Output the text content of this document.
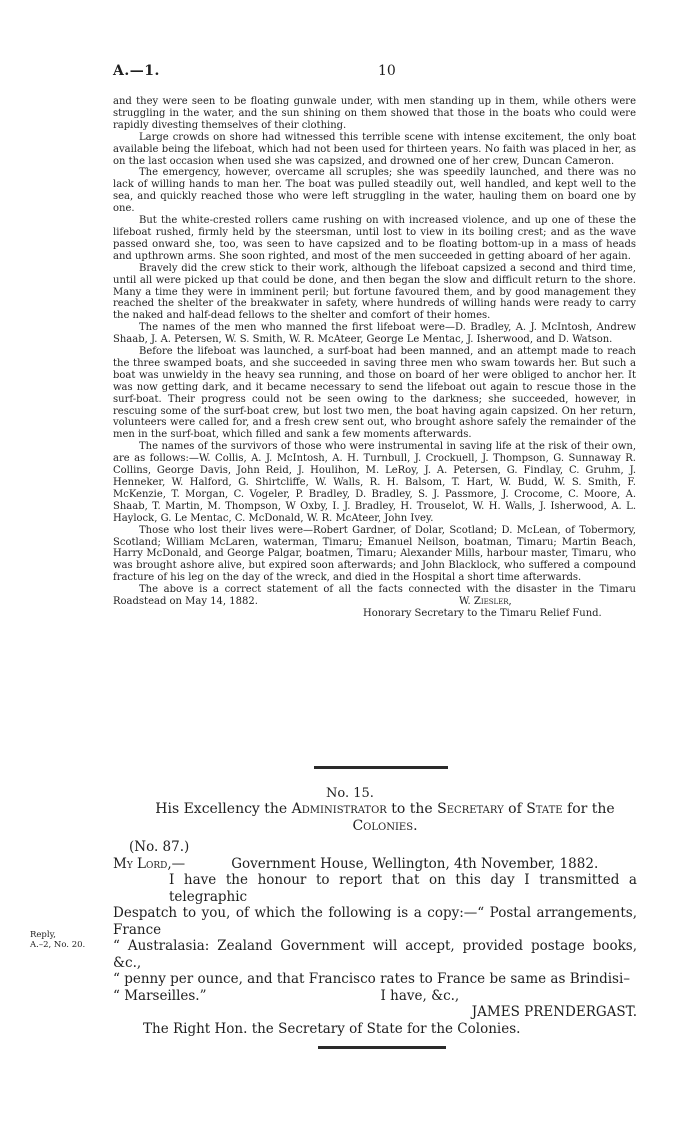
A.—1.	10

and they were seen to be floating gunwale under, with men standing up in them, while others were struggling in the water, and the sun shining on them showed that those in the boats who could were rapidly divesting themselves of their clothing.

Large crowds on shore had witnessed this terrible scene with intense excitement, the only boat available being the lifeboat, which had not been used for thirteen years. No faith was placed in her, as on the last occasion when used she was capsized, and drowned one of her crew, Duncan Cameron.

The emergency, however, overcame all scruples; she was speedily launched, and there was no lack of willing hands to man her. The boat was pulled steadily out, well handled, and kept well to the sea, and quickly reached those who were left struggling in the water, hauling them on board one by one.

But the white-crested rollers came rushing on with increased violence, and up one of these the lifeboat rushed, firmly held by the steersman, until lost to view in its boiling crest; and as the wave passed onward she, too, was seen to have capsized and to be floating bottom-up in a mass of heads and upthrown arms. She soon righted, and most of the men succeeded in getting aboard of her again.

Bravely did the crew stick to their work, although the lifeboat capsized a second and third time, until all were picked up that could be done, and then began the slow and difficult return to the shore. Many a time they were in imminent peril; but fortune favoured them, and by good management they reached the shelter of the breakwater in safety, where hundreds of willing hands were ready to carry the naked and half-dead fellows to the shelter and comfort of their homes.

The names of the men who manned the first lifeboat were—D. Bradley, A. J. McIntosh, Andrew Shaab, J. A. Petersen, W. S. Smith, W. R. McAteer, George Le Mentac, J. Isherwood, and D. Watson.

Before the lifeboat was launched, a surf-boat had been manned, and an attempt made to reach the three swamped boats, and she succeeded in saving three men who swam towards her. But such a boat was unwieldy in the heavy sea running, and those on board of her were obliged to anchor her. It was now getting dark, and it became necessary to send the lifeboat out again to rescue those in the surf-boat. Their progress could not be seen owing to the darkness; she succeeded, however, in rescuing some of the surf-boat crew, but lost two men, the boat having again capsized. On her return, volunteers were called for, and a fresh crew sent out, who brought ashore safely the remainder of the men in the surf-boat, which filled and sank a few moments afterwards.

The names of the survivors of those who were instrumental in saving life at the risk of their own, are as follows:—W. Collis, A. J. McIntosh, A. H. Turnbull, J. Crockuell, J. Thompson, G. Sunnaway R. Collins, George Davis, John Reid, J. Houlihon, M. LeRoy, J. A. Petersen, G. Findlay, C. Gruhm, J. Henneker, W. Halford, G. Shirtcliffe, W. Walls, R. H. Balsom, T. Hart, W. Budd, W. S. Smith, F. McKenzie, T. Morgan, C. Vogeler, P. Bradley, D. Bradley, S. J. Passmore, J. Crocome, C. Moore, A. Shaab, T. Martin, M. Thompson, W Oxby, I. J. Bradley, H. Trouselot, W. H. Walls, J. Isherwood, A. L. Haylock, G. Le Mentac, C. McDonald, W. R. McAteer, John Ivey.

Those who lost their lives were—Robert Gardner, of Dolar, Scotland; D. McLean, of Tobermory, Scotland; William McLaren, waterman, Timaru; Emanuel Neilson, boatman, Timaru; Martin Beach, Harry McDonald, and George Palgar, boatmen, Timaru; Alexander Mills, harbour master, Timaru, who was brought ashore alive, but expired soon afterwards; and John Blacklock, who suffered a compound fracture of his leg on the day of the wreck, and died in the Hospital a short time afterwards.

The above is a correct statement of all the facts connected with the disaster in the Timaru Roadstead on May 14, 1882.	W. Ziesler,
Honorary Secretary to the Timaru Relief Fund.
No. 15.
His Excellency the Administrator to the Secretary of State for the
Colonies.

(No. 87.)

My Lord,—	Government House, Wellington, 4th November, 1882.

I have the honour to report that on this day I transmitted a telegraphic

Despatch to you, of which the following is a copy:—“ Postal arrangements, France

“ Australasia: Zealand Government will accept, provided postage books, &c.,

“ penny per ounce, and that Francisco rates to France be same as Brindisi–

“ Marseilles.”	I have, &c.,

JAMES PRENDERGAST.

The Right Hon. the Secretary of State for the Colonies.

Reply,
A.–2, No. 20.
